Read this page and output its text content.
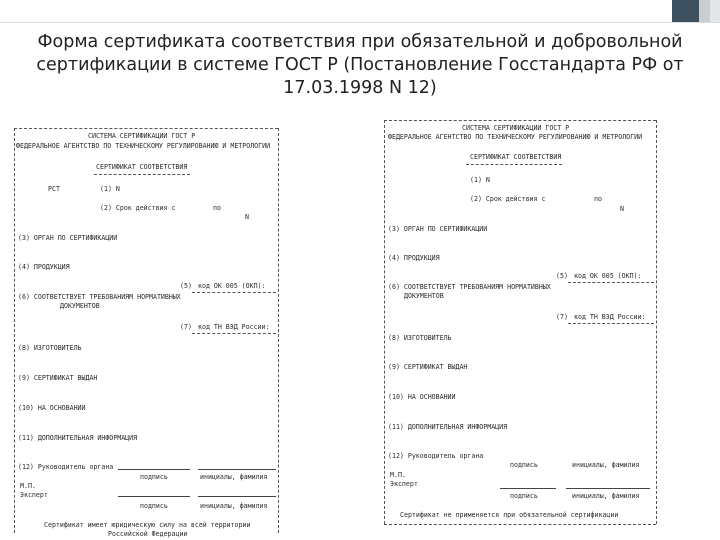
Форма сертификата соответствия при обязательной и добровольной
сертификации в системе ГОСТ Р (Постановление Госстандарта РФ от
17.03.1998 N 12)
СИСТЕМА СЕРТИФИКАЦИИ ГОСТ Р
ФЕДЕРАЛЬНОЕ АГЕНТСТВО ПО ТЕХНИЧЕСКОМУ РЕГУЛИРОВАНИЮ И МЕТРОЛОГИИ
СЕРТИФИКАТ СООТВЕТСТВИЯ
РСТ	(1) N
(2) Срок действия с	по
N
(3) ОРГАН ПО СЕРТИФИКАЦИИ
(4) ПРОДУКЦИЯ
(5) код ОК 005 (ОКП):
(6) СООТВЕТСТВУЕТ ТРЕБОВАНИЯМ НОРМАТИВНЫХ
ДОКУМЕНТОВ
(7) код ТН ВЭД России:
(8) ИЗГОТОВИТЕЛЬ
(9) СЕРТИФИКАТ ВЫДАН
(10) НА ОСНОВАНИИ
(11) ДОПОЛНИТЕЛЬНАЯ ИНФОРМАЦИЯ
(12) Руководитель органа
подпись	инициалы, фамилия
М.П.
Эксперт
подпись	инициалы, фамилия
Сертификат имеет юридическую силу на всей территории
Российской Федерации
СИСТЕМА СЕРТИФИКАЦИИ ГОСТ Р
ФЕДЕРАЛЬНОЕ АГЕНТСТВО ПО ТЕХНИЧЕСКОМУ РЕГУЛИРОВАНИЮ И МЕТРОЛОГИИ
СЕРТИФИКАТ СООТВЕТСТВИЯ
(1) N
(2) Срок действия с	по
N
(3) ОРГАН ПО СЕРТИФИКАЦИИ
(4) ПРОДУКЦИЯ
(5) код ОК 005 (ОКП):
(6) СООТВЕТСТВУЕТ ТРЕБОВАНИЯМ НОРМАТИВНЫХ
ДОКУМЕНТОВ
(7) код ТН ВЭД России:
(8) ИЗГОТОВИТЕЛЬ
(9) СЕРТИФИКАТ ВЫДАН
(10) НА ОСНОВАНИИ
(11) ДОПОЛНИТЕЛЬНАЯ ИНФОРМАЦИЯ
(12) Руководитель органа
подпись	инициалы, фамилия
М.П.
Эксперт
подпись	инициалы, фамилия
Сертификат не применяется при обязательной сертификации
